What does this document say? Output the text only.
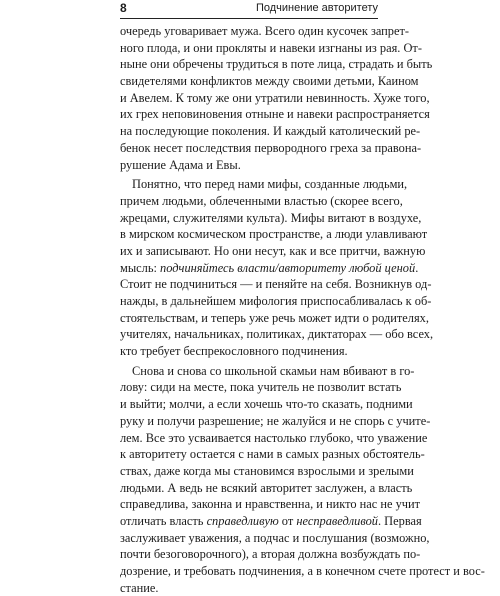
8	Подчинение авторитету
очередь уговаривает мужа. Всего один кусочек запрет-
ного плода, и они прокляты и навеки изгнаны из рая. От-
ныне они обречены трудиться в поте лица, страдать и быть
свидетелями конфликтов между своими детьми, Каином
и Авелем. К тому же они утратили невинность. Хуже того,
их грех неповиновения отныне и навеки распространяется
на последующие поколения. И каждый католический ре-
бенок несет последствия первородного греха за правона-
рушение Адама и Евы.
Понятно, что перед нами мифы, созданные людьми,
причем людьми, облеченными властью (скорее всего,
жрецами, служителями культа). Мифы витают в воздухе,
в мирском космическом пространстве, а люди улавливают
их и записывают. Но они несут, как и все притчи, важную
мысль: подчиняйтесь власти/авторитету любой ценой.
Стоит не подчиниться — и пеняйте на себя. Возникнув од-
нажды, в дальнейшем мифология приспосабливалась к об-
стоятельствам, и теперь уже речь может идти о родителях,
учителях, начальниках, политиках, диктаторах — обо всех,
кто требует беспрекословного подчинения.
Снова и снова со школьной скамьи нам вбивают в го-
лову: сиди на месте, пока учитель не позволит встать
и выйти; молчи, а если хочешь что-то сказать, подними
руку и получи разрешение; не жалуйся и не спорь с учите-
лем. Все это усваивается настолько глубоко, что уважение
к авторитету остается с нами в самых разных обстоятель-
ствах, даже когда мы становимся взрослыми и зрелыми
людьми. А ведь не всякий авторитет заслужен, а власть
справедлива, законна и нравственна, и никто нас не учит
отличать власть справедливую от несправедливой. Первая
заслуживает уважения, а подчас и послушания (возможно,
почти безоговорочного), а вторая должна возбуждать по-
дозрение, и требовать подчинения, а в конечном счете протест и вос-
стание.
